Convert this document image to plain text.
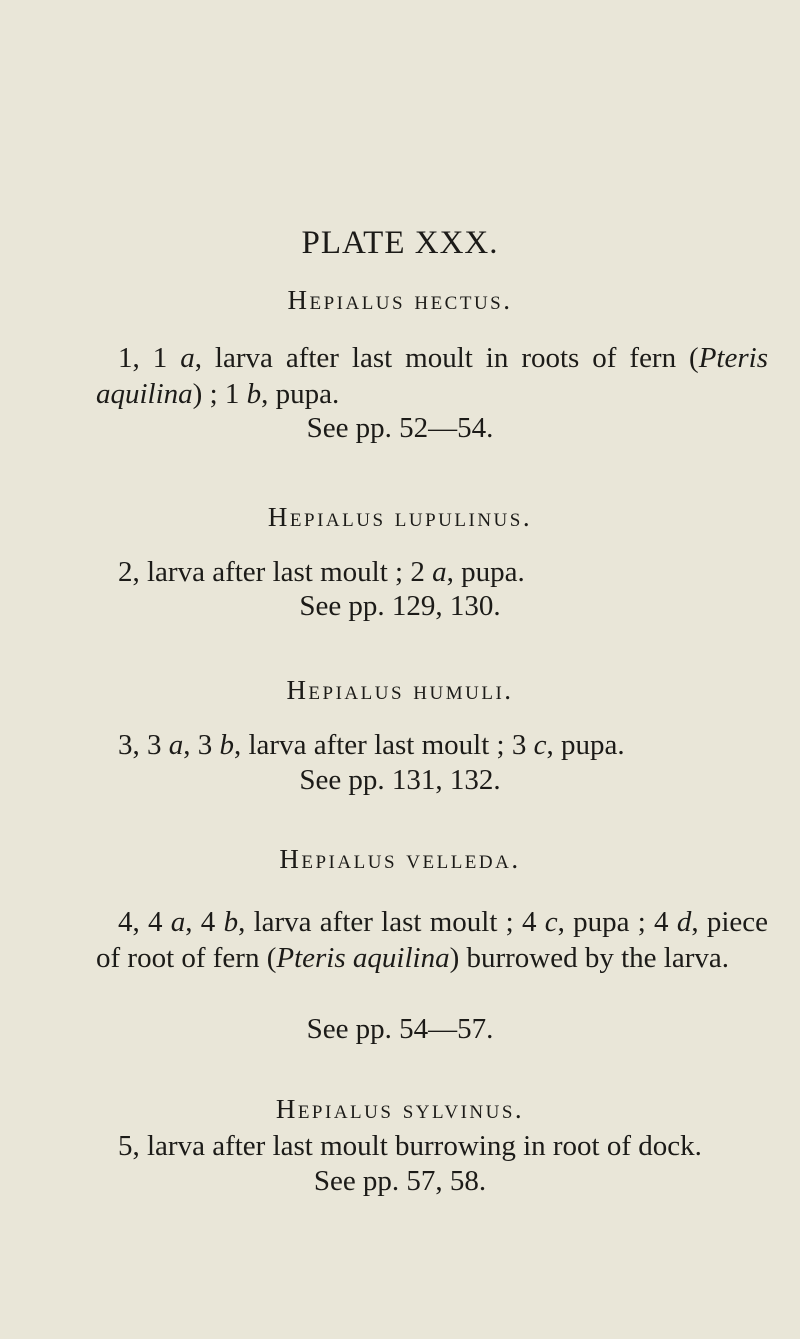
PLATE XXX.
Hepialus hectus.
1, 1 a, larva after last moult in roots of fern (Pteris aquilina) ; 1 b, pupa.
See pp. 52—54.
Hepialus lupulinus.
2, larva after last moult ; 2 a, pupa.
See pp. 129, 130.
Hepialus humuli.
3, 3 a, 3 b, larva after last moult ; 3 c, pupa.
See pp. 131, 132.
Hepialus velleda.
4, 4 a, 4 b, larva after last moult ; 4 c, pupa ; 4 d, piece of root of fern (Pteris aquilina) burrowed by the larva.
See pp. 54—57.
Hepialus sylvinus.
5, larva after last moult burrowing in root of dock.
See pp. 57, 58.
